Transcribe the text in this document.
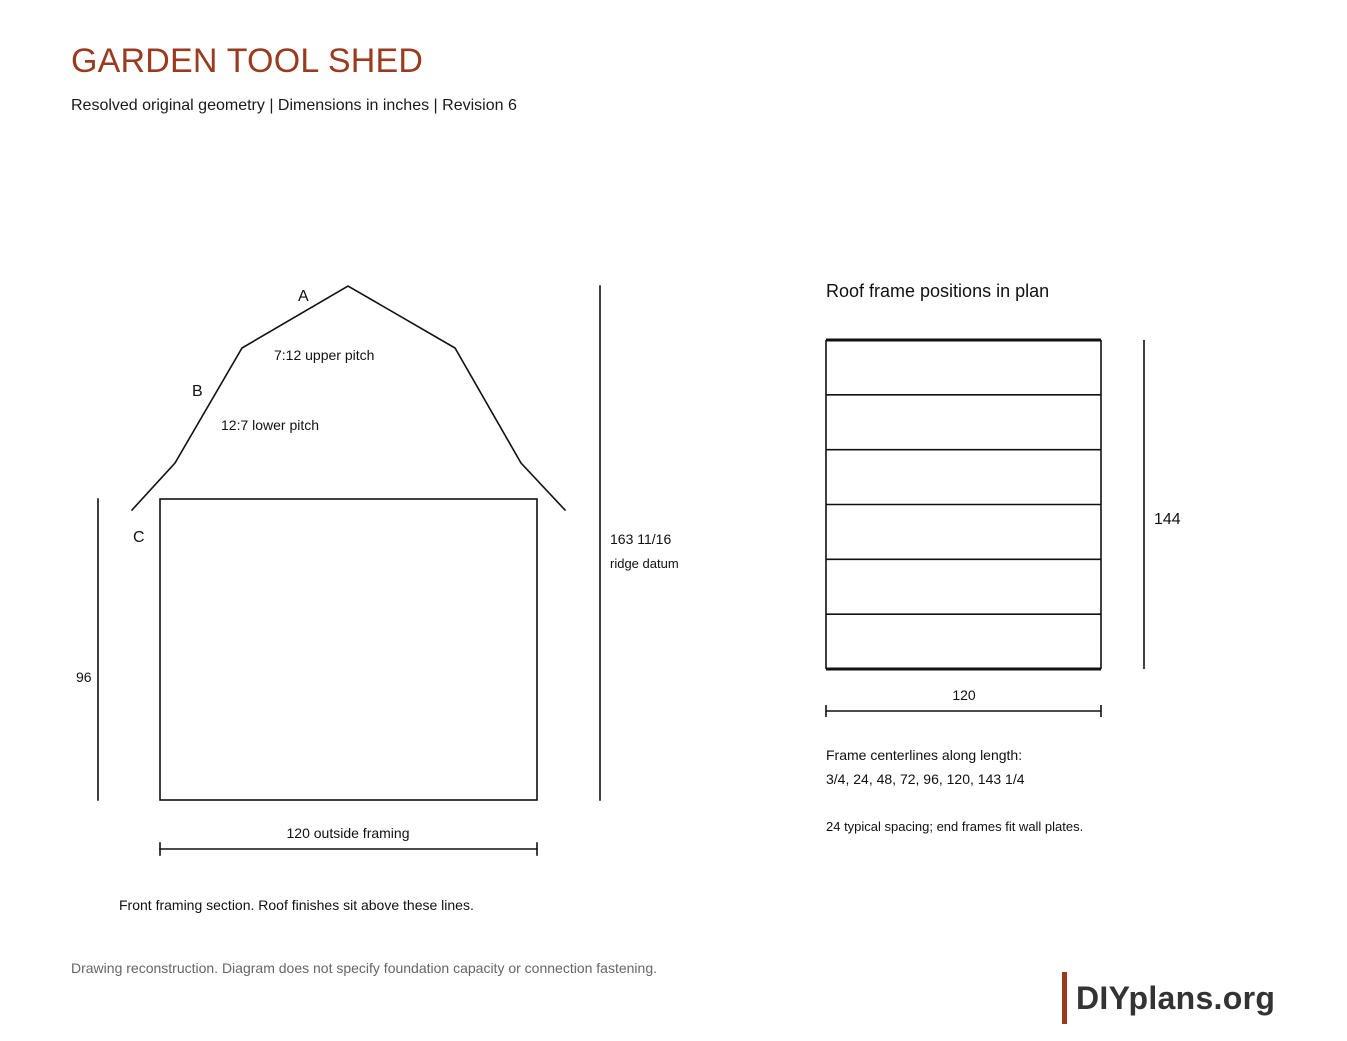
GARDEN TOOL SHED
Resolved original geometry | Dimensions in inches | Revision 6
A
B
C
7:12 upper pitch
12:7 lower pitch
96
163 11/16
ridge datum
120 outside framing
Front framing section. Roof finishes sit above these lines.
Roof frame positions in plan
144
120
Frame centerlines along length:
3/4, 24, 48, 72, 96, 120, 143 1/4
24 typical spacing; end frames fit wall plates.
Drawing reconstruction. Diagram does not specify foundation capacity or connection fastening.
DIYplans.org
